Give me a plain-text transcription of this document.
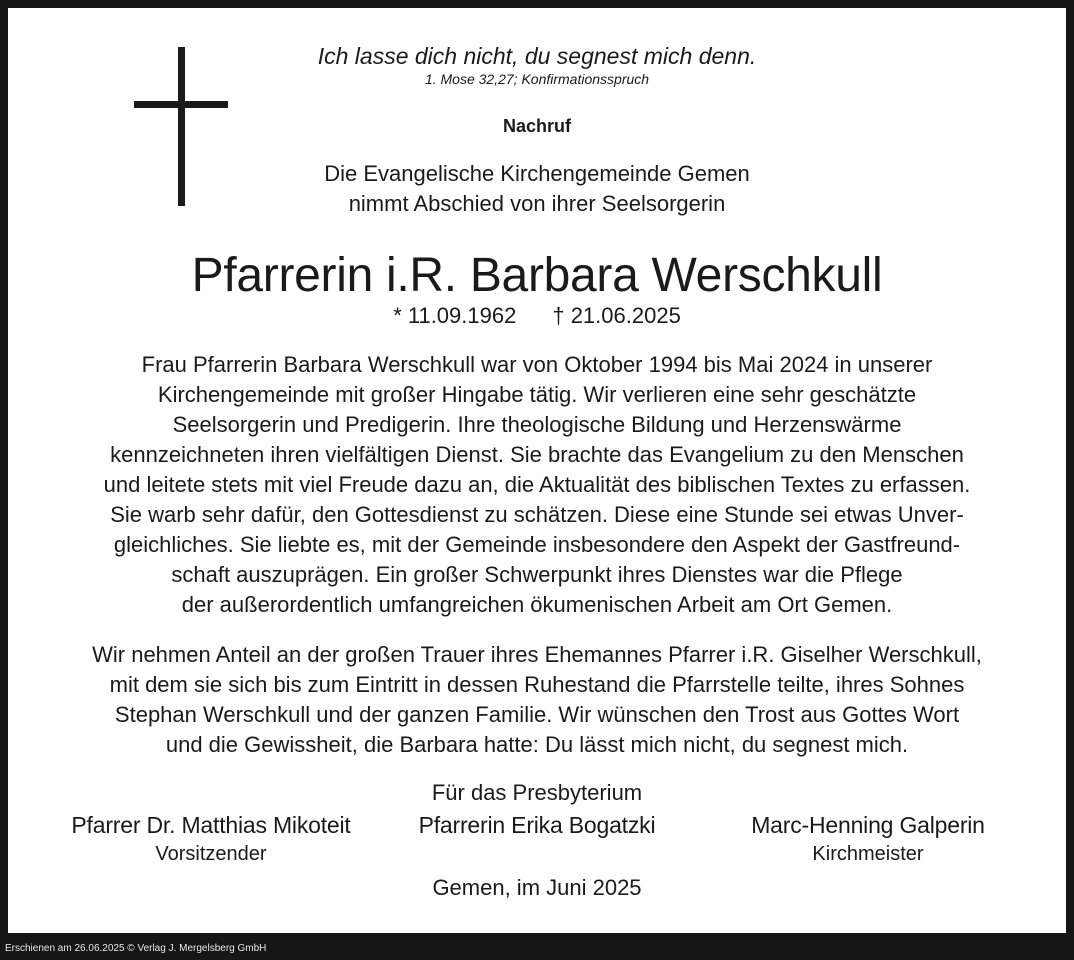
Ich lasse dich nicht, du segnest mich denn.

1. Mose 32,27; Konfirmationsspruch

Nachruf

Die Evangelische Kirchengemeinde Gemen

nimmt Abschied von ihrer Seelsorgerin

Pfarrerin i.R. Barbara Werschkull

* 11.09.1962 † 21.06.2025

Frau Pfarrerin Barbara Werschkull war von Oktober 1994 bis Mai 2024 in unserer
Kirchengemeinde mit großer Hingabe tätig. Wir verlieren eine sehr geschätzte
Seelsorgerin und Predigerin. Ihre theologische Bildung und Herzenswärme
kennzeichneten ihren vielfältigen Dienst. Sie brachte das Evangelium zu den Menschen
und leitete stets mit viel Freude dazu an, die Aktualität des biblischen Textes zu erfassen.
Sie warb sehr dafür, den Gottesdienst zu schätzen. Diese eine Stunde sei etwas Unver-
gleichliches. Sie liebte es, mit der Gemeinde insbesondere den Aspekt der Gastfreund-
schaft auszuprägen. Ein großer Schwerpunkt ihres Dienstes war die Pflege
der außerordentlich umfangreichen ökumenischen Arbeit am Ort Gemen.
Wir nehmen Anteil an der großen Trauer ihres Ehemannes Pfarrer i.R. Giselher Werschkull,
mit dem sie sich bis zum Eintritt in dessen Ruhestand die Pfarrstelle teilte, ihres Sohnes
Stephan Werschkull und der ganzen Familie. Wir wünschen den Trost aus Gottes Wort
und die Gewissheit, die Barbara hatte: Du lässt mich nicht, du segnest mich.

Für das Presbyterium

Pfarrer Dr. Matthias Mikoteit
Vorsitzender
Pfarrerin Erika Bogatzki	Marc-Henning Galperin
Kirchmeister

Gemen, im Juni 2025

Erschienen am 26.06.2025 © Verlag J. Mergelsberg GmbH
